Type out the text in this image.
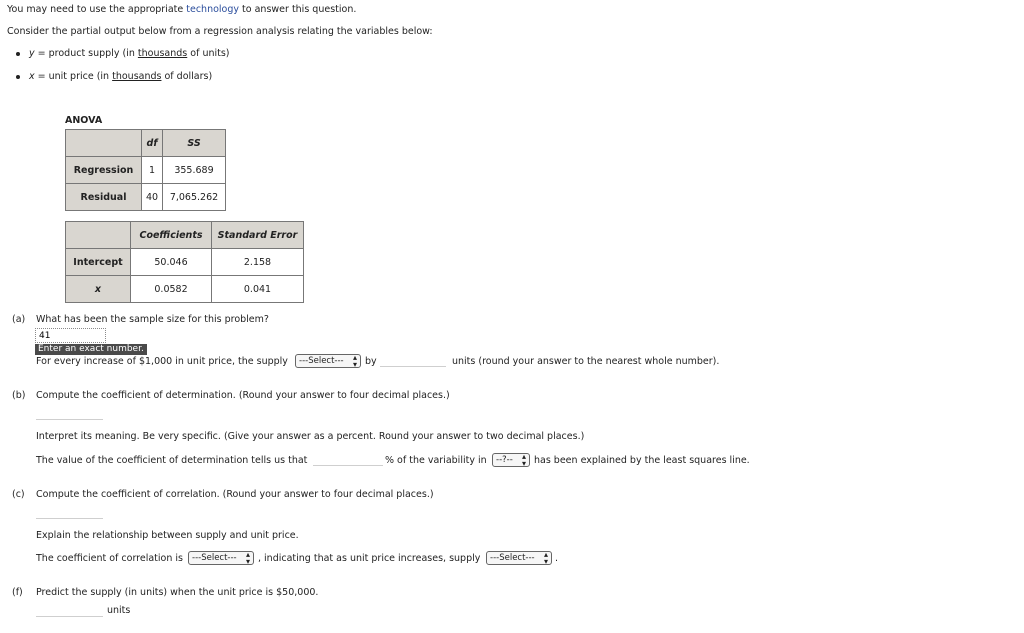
You may need to use the appropriate technology to answer this question.
Consider the partial output below from a regression analysis relating the variables below:
y = product supply (in thousands of units)
x = unit price (in thousands of dollars)
ANOVA
	df	SS
Regression	1	355.689
Residual	40	7,065.262
	Coefficients	Standard Error
Intercept	50.046	2.158
x	0.0582	0.041
(a) What has been the sample size for this problem?
41
Enter an exact number.
For every increase of $1,000 in unit price, the supply	---Select--- ▴
▾ by	units (round your answer to the nearest whole number).
(b) Compute the coefficient of determination. (Round your answer to four decimal places.)
Interpret its meaning. Be very specific. (Give your answer as a percent. Round your answer to two decimal places.)
The value of the coefficient of determination tells us that	% of the variability in	--?-- ▴
▾ has been explained by the least squares line.
(c) Compute the coefficient of correlation. (Round your answer to four decimal places.)
Explain the relationship between supply and unit price.
The coefficient of correlation is	---Select--- ▴
▾ , indicating that as unit price increases, supply	---Select--- ▴
▾ .
(f) Predict the supply (in units) when the unit price is $50,000.
units
